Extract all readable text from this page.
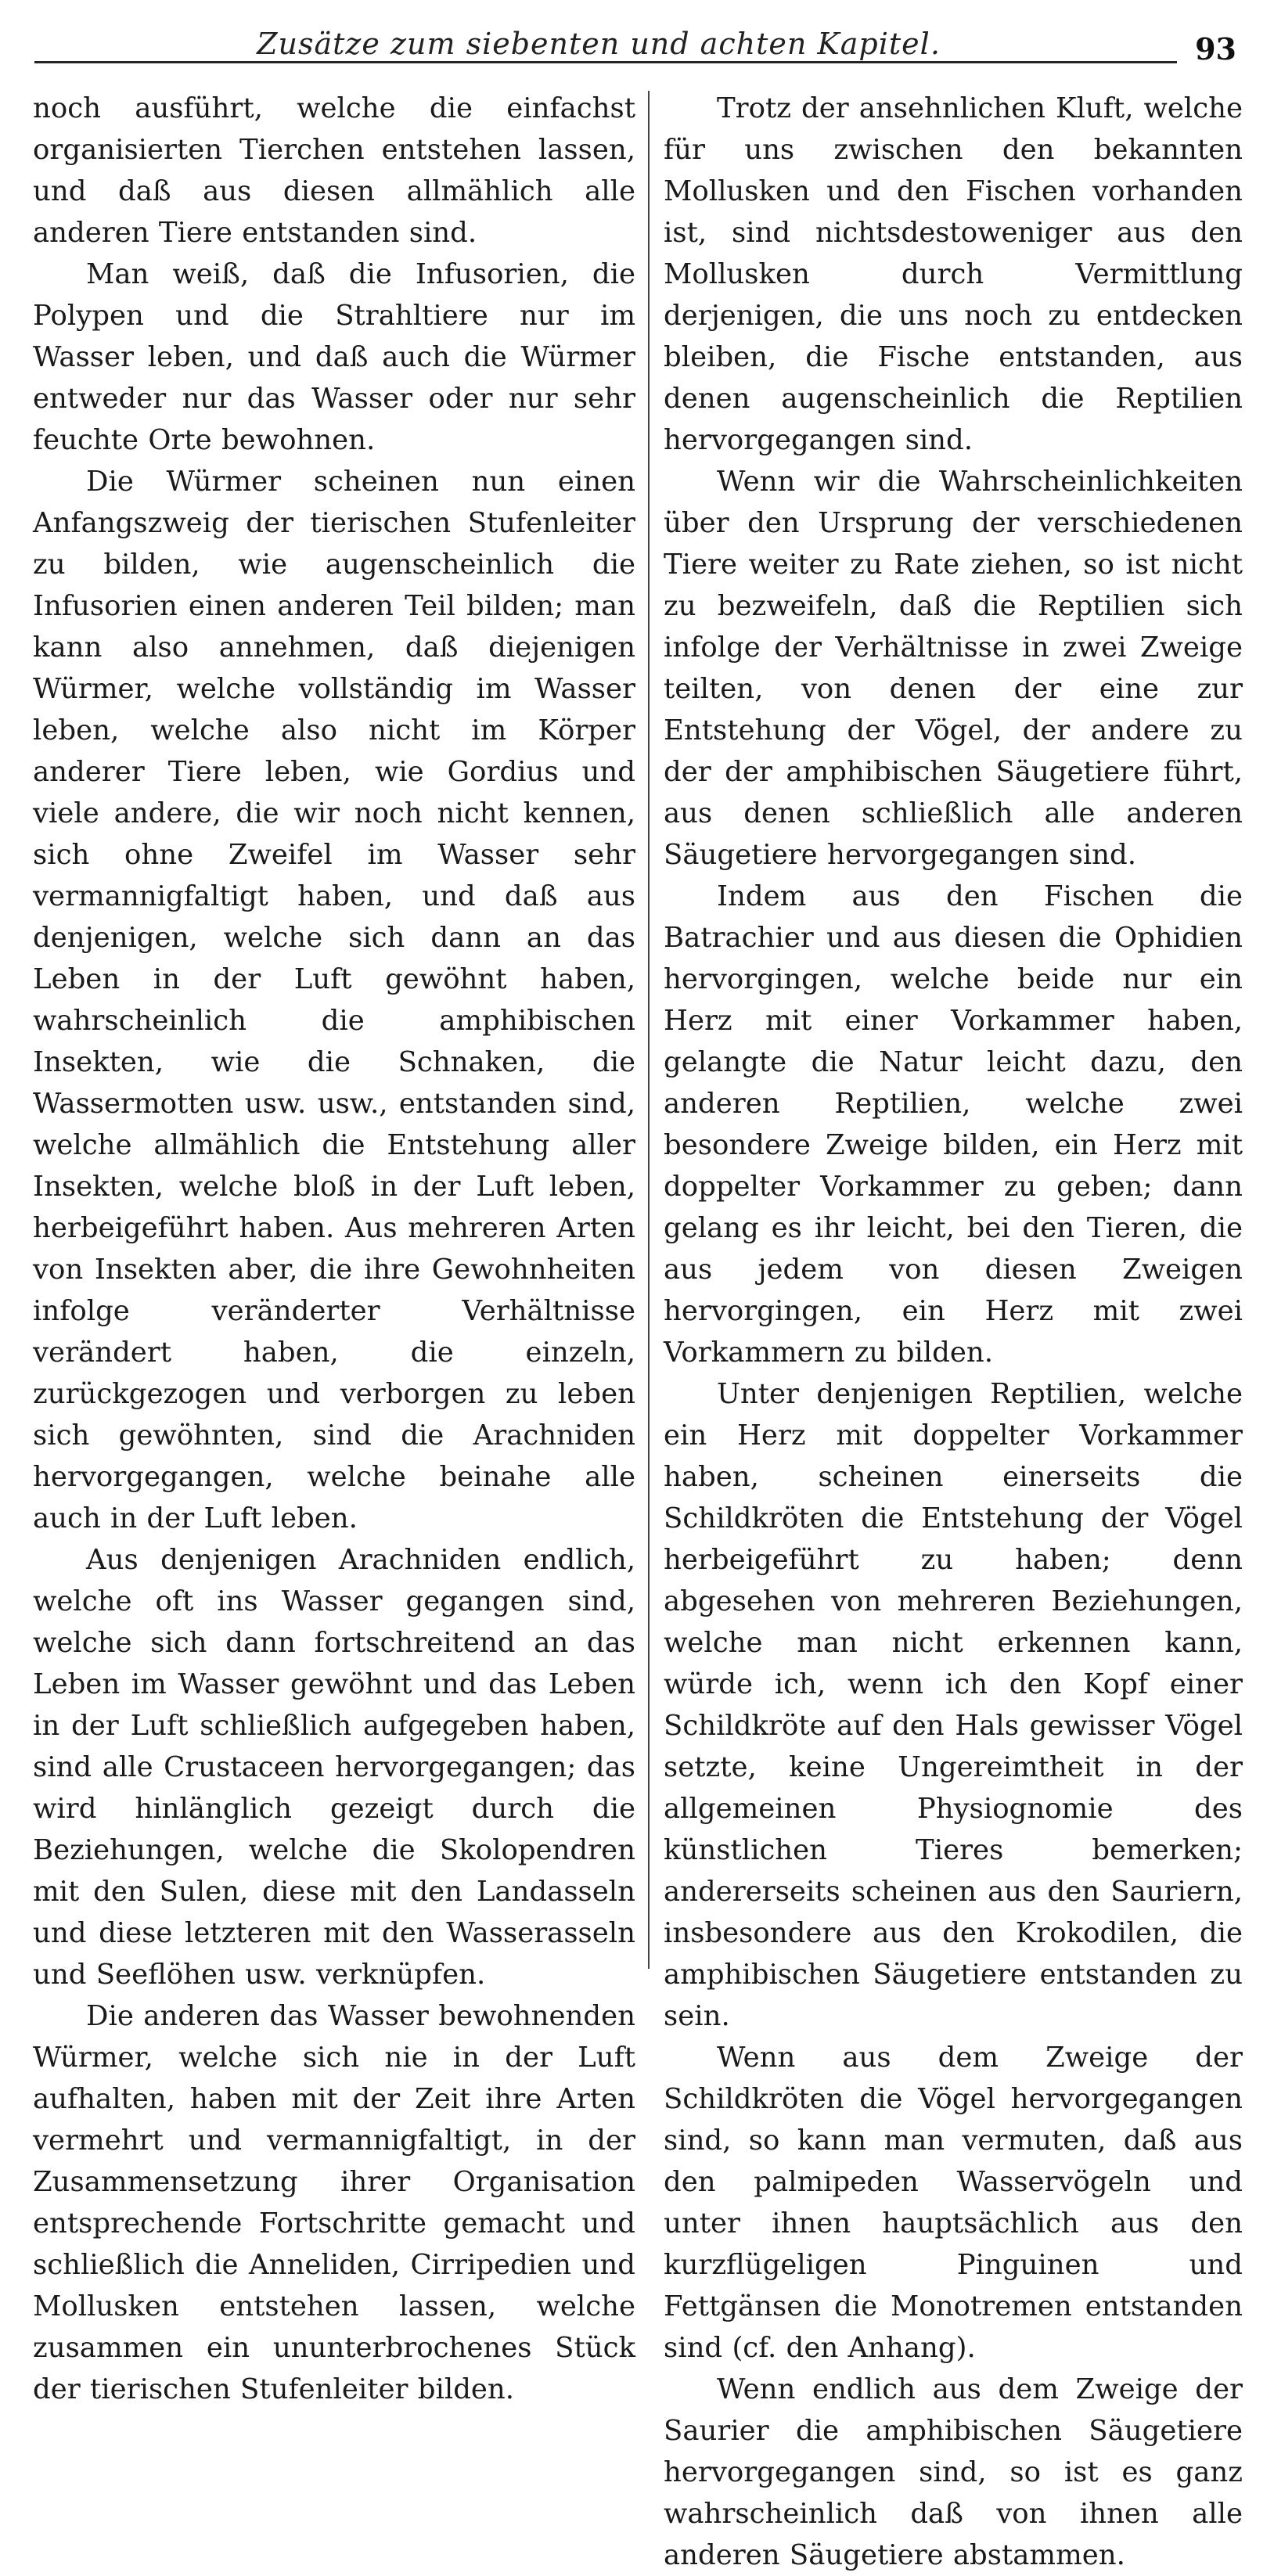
Zusätze zum siebenten und achten Kapitel.	93

noch ausführt, welche die einfachst organisierten Tierchen entstehen lassen, und daß aus diesen allmählich alle anderen Tiere entstanden sind.

Man weiß, daß die Infusorien, die Polypen und die Strahltiere nur im Wasser leben, und daß auch die Würmer entweder nur das Wasser oder nur sehr feuchte Orte bewohnen.

Die Würmer scheinen nun einen Anfangszweig der tierischen Stufenleiter zu bilden, wie augenscheinlich die Infusorien einen anderen Teil bilden; man kann also annehmen, daß diejenigen Würmer, welche vollständig im Wasser leben, welche also nicht im Körper anderer Tiere leben, wie Gordius und viele andere, die wir noch nicht kennen, sich ohne Zweifel im Wasser sehr vermannigfaltigt haben, und daß aus denjenigen, welche sich dann an das Leben in der Luft gewöhnt haben, wahrscheinlich die amphibischen Insekten, wie die Schnaken, die Wassermotten usw. usw., entstanden sind, welche allmählich die Entstehung aller Insekten, welche bloß in der Luft leben, herbeigeführt haben. Aus mehreren Arten von Insekten aber, die ihre Gewohnheiten infolge veränderter Verhältnisse verändert haben, die einzeln, zurückgezogen und verborgen zu leben sich gewöhnten, sind die Arachniden hervorgegangen, welche beinahe alle auch in der Luft leben.

Aus denjenigen Arachniden endlich, welche oft ins Wasser gegangen sind, welche sich dann fortschreitend an das Leben im Wasser gewöhnt und das Leben in der Luft schließlich aufgegeben haben, sind alle Crustaceen hervorgegangen; das wird hinlänglich gezeigt durch die Beziehungen, welche die Skolopendren mit den Sulen, diese mit den Landasseln und diese letzteren mit den Wasserasseln und Seeflöhen usw. verknüpfen.

Die anderen das Wasser bewohnenden Würmer, welche sich nie in der Luft aufhalten, haben mit der Zeit ihre Arten vermehrt und vermannigfaltigt, in der Zusammensetzung ihrer Organisation entsprechende Fortschritte gemacht und schließlich die Anneliden, Cirripedien und Mollusken entstehen lassen, welche zusammen ein ununterbrochenes Stück der tierischen Stufenleiter bilden.

Trotz der ansehnlichen Kluft, welche für uns zwischen den bekannten Mollusken und den Fischen vorhanden ist, sind nichtsdestoweniger aus den Mollusken durch Vermittlung derjenigen, die uns noch zu entdecken bleiben, die Fische entstanden, aus denen augenscheinlich die Reptilien hervorgegangen sind.

Wenn wir die Wahrscheinlichkeiten über den Ursprung der verschiedenen Tiere weiter zu Rate ziehen, so ist nicht zu bezweifeln, daß die Reptilien sich infolge der Verhältnisse in zwei Zweige teilten, von denen der eine zur Entstehung der Vögel, der andere zu der der amphibischen Säugetiere führt, aus denen schließlich alle anderen Säugetiere hervorgegangen sind.

Indem aus den Fischen die Batrachier und aus diesen die Ophidien hervorgingen, welche beide nur ein Herz mit einer Vorkammer haben, gelangte die Natur leicht dazu, den anderen Reptilien, welche zwei besondere Zweige bilden, ein Herz mit doppelter Vorkammer zu geben; dann gelang es ihr leicht, bei den Tieren, die aus jedem von diesen Zweigen hervorgingen, ein Herz mit zwei Vorkammern zu bilden.

Unter denjenigen Reptilien, welche ein Herz mit doppelter Vorkammer haben, scheinen einerseits die Schildkröten die Entstehung der Vögel herbeigeführt zu haben; denn abgesehen von mehreren Beziehungen, welche man nicht erkennen kann, würde ich, wenn ich den Kopf einer Schildkröte auf den Hals gewisser Vögel setzte, keine Ungereimtheit in der allgemeinen Physiognomie des künstlichen Tieres bemerken; andererseits scheinen aus den Sauriern, insbesondere aus den Krokodilen, die amphibischen Säugetiere entstanden zu sein.

Wenn aus dem Zweige der Schildkröten die Vögel hervorgegangen sind, so kann man vermuten, daß aus den palmipeden Wasservögeln und unter ihnen hauptsächlich aus den kurzflügeligen Pinguinen und Fettgänsen die Monotremen entstanden sind (cf. den Anhang).

Wenn endlich aus dem Zweige der Saurier die amphibischen Säugetiere hervorgegangen sind, so ist es ganz wahrscheinlich daß von ihnen alle anderen Säugetiere abstammen.
